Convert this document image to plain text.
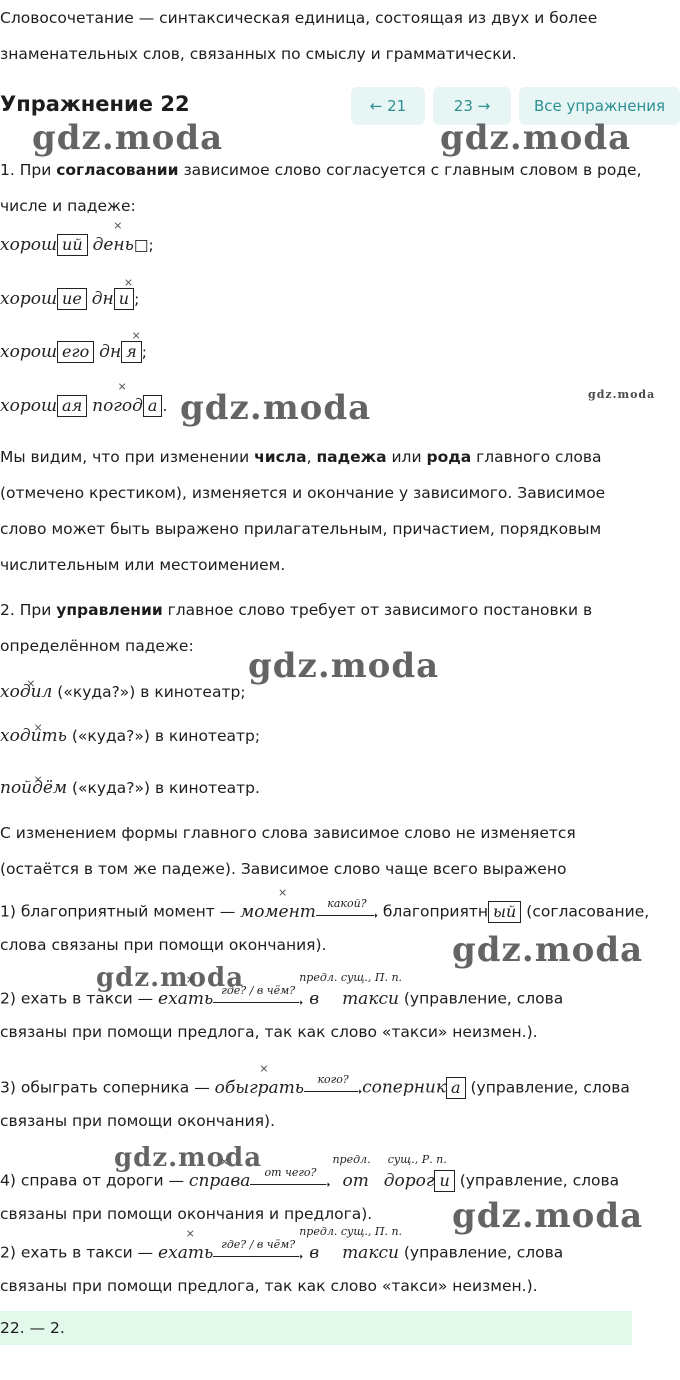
Словосочетание — синтаксическая единица, состоящая из двух и более

знаменательных слов, связанных по смыслу и грамматически.

Упражнение 22	← 21	23 →	Все упражнения
gdz.moda	gdz.moda
gdz.moda
gdz.moda
gdz.moda
gdz.moda
gdz.moda
gdz.moda
gdz.moda

1. При согласовании зависимое слово согласуется с главным словом в роде,

числе и падеже:

хорош ий × день□;
хорош ие дн × и ;
хорош его дн × я ;
хорош ая × погод а .

Мы видим, что при изменении числа, падежа или рода главного слова

(отмечено крестиком), изменяется и окончание у зависимого. Зависимое

слово может быть выражено прилагательным, причастием, порядковым

числительным или местоимением.

2. При управлении главное слово требует от зависимого постановки в

определённом падеже:

× ходил («куда?») в кинотеатр;
× ходить («куда?») в кинотеатр;
× пойдём («куда?») в кинотеатр.

С изменением формы главного слова зависимое слово не изменяется

(остаётся в том же падеже). Зависимое слово чаще всего выражено

1) благоприятный момент — × момент	какой?
➝ благоприятн ый (согласование,

слова связаны при помощи окончания).

2) ехать в такси — × ехать где? / в чём?
➝
предл. сущ., П. п.
в такси (управление, слова

связаны при помощи предлога, так как слово «такси» неизмен.).

3) обыграть соперника — × обыграть	кого?
➝ соперник а (управление, слова

связаны при помощи окончания).

4) справа от дороги — × справа	от чего?
➝
предл.
от
сущ., Р. п.
дорог и (управление, слова

связаны при помощи окончания и предлога).

2) ехать в такси — × ехать где? / в чём?
➝
предл. сущ., П. п.
в такси (управление, слова

связаны при помощи предлога, так как слово «такси» неизмен.).

22. — 2.
